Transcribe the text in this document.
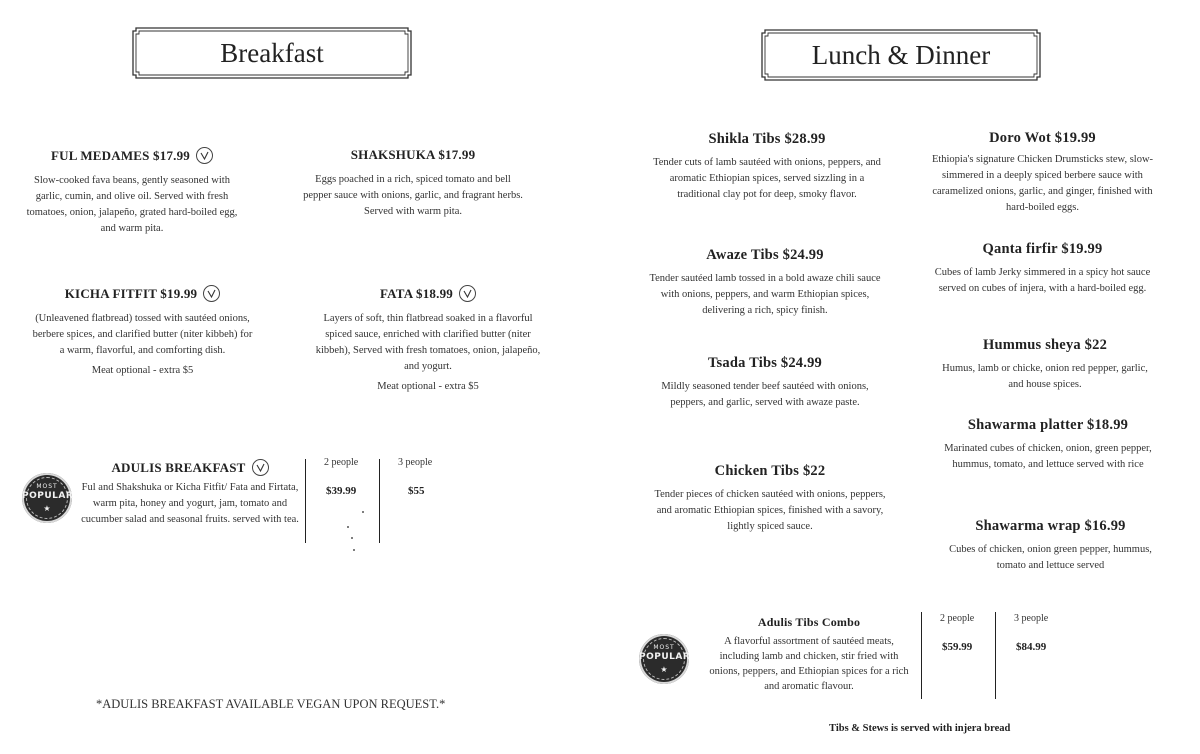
Breakfast	Lunch & Dinner
FUL MEDAMES $17.99
Slow-cooked fava beans, gently seasoned with garlic, cumin, and olive oil. Served with fresh tomatoes, onion, jalapeño, grated hard-boiled egg, and warm pita.
SHAKSHUKA $17.99
Eggs poached in a rich, spiced tomato and bell pepper sauce with onions, garlic, and fragrant herbs. Served with warm pita.
KICHA FITFIT $19.99
(Unleavened flatbread) tossed with sautéed onions, berbere spices, and clarified butter (niter kibbeh) for a warm, flavorful, and comforting dish.
Meat optional - extra $5
FATA $18.99
Layers of soft, thin flatbread soaked in a flavorful spiced sauce, enriched with clarified butter (niter kibbeh), Served with fresh tomatoes, onion, jalapeño, and yogurt.
Meat optional - extra $5
MOST
POPULAR
★
ADULIS BREAKFAST
Ful and Shakshuka or Kicha Fitfit/ Fata and Firtata, warm pita, honey and yogurt, jam, tomato and cucumber salad and seasonal fruits. served with tea.
2 people
$39.99
3 people
$55
*ADULIS BREAKFAST AVAILABLE VEGAN UPON REQUEST.*
Shikla Tibs $28.99
Tender cuts of lamb sautéed with onions, peppers, and aromatic Ethiopian spices, served sizzling in a traditional clay pot for deep, smoky flavor.
Awaze Tibs $24.99
Tender sautéed lamb tossed in a bold awaze chili sauce with onions, peppers, and warm Ethiopian spices, delivering a rich, spicy finish.
Tsada Tibs $24.99
Mildly seasoned tender beef sautéed with onions, peppers, and garlic, served with awaze paste.
Chicken Tibs $22
Tender pieces of chicken sautéed with onions, peppers, and aromatic Ethiopian spices, finished with a savory, lightly spiced sauce.
Doro Wot $19.99
Ethiopia's signature Chicken Drumsticks stew, slow-simmered in a deeply spiced berbere sauce with caramelized onions, garlic, and ginger, finished with hard-boiled eggs.
Qanta firfir $19.99
Cubes of lamb Jerky simmered in a spicy hot sauce served on cubes of injera, with a hard-boiled egg.
Hummus sheya $22
Humus, lamb or chicke, onion red pepper, garlic, and house spices.
Shawarma platter $18.99
Marinated cubes of chicken, onion, green pepper, hummus, tomato, and lettuce served with rice
Shawarma wrap $16.99
Cubes of chicken, onion green pepper, hummus, tomato and lettuce served
MOST
POPULAR
★
Adulis Tibs Combo
A flavorful assortment of sautéed meats, including lamb and chicken, stir fried with onions, peppers, and Ethiopian spices for a rich and aromatic flavour.
2 people
$59.99
3 people
$84.99
Tibs & Stews is served with injera bread
